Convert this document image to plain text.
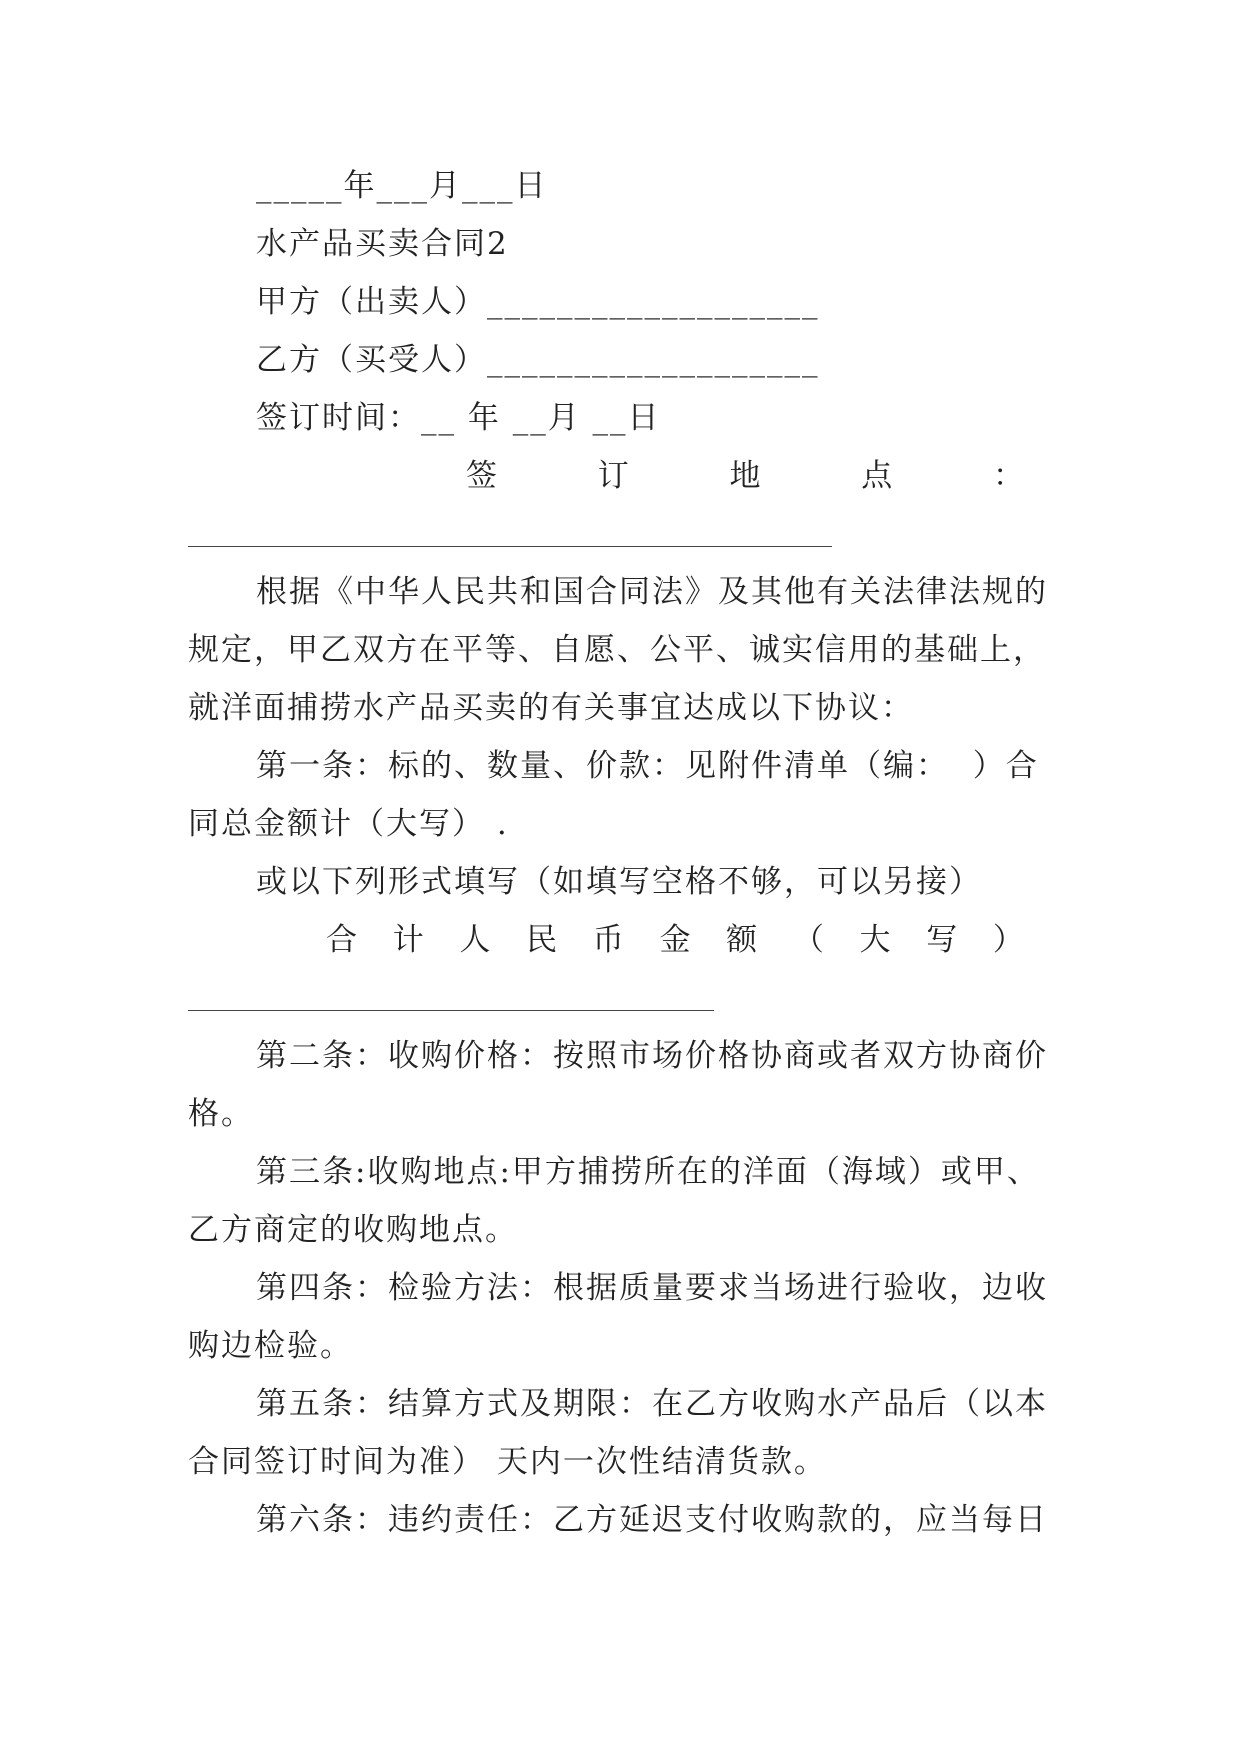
_____年___月___日
水产品买卖合同2
甲方（出卖人）___________________
乙方（买受人）___________________
签订时间：__ 年 __月 __日
签	订	地	点	：
根据《中华人民共和国合同法》及其他有关法律法规的
规定，甲乙双方在平等、自愿、公平、诚实信用的基础上，
就洋面捕捞水产品买卖的有关事宜达成以下协议：
第一条：标的、数量、价款：见附件清单（编：  ）合
同总金额计（大写） .
或以下列形式填写（如填写空格不够，可以另接）
合 计 人 民 币 金 额 （ 大 写 ）
第二条：收购价格：按照市场价格协商或者双方协商价
格。
第三条:收购地点:甲方捕捞所在的洋面（海域）或甲、
乙方商定的收购地点。
第四条：检验方法：根据质量要求当场进行验收，边收
购边检验。
第五条：结算方式及期限：在乙方收购水产品后（以本
合同签订时间为准） 天内一次性结清货款。
第六条：违约责任：乙方延迟支付收购款的，应当每日
